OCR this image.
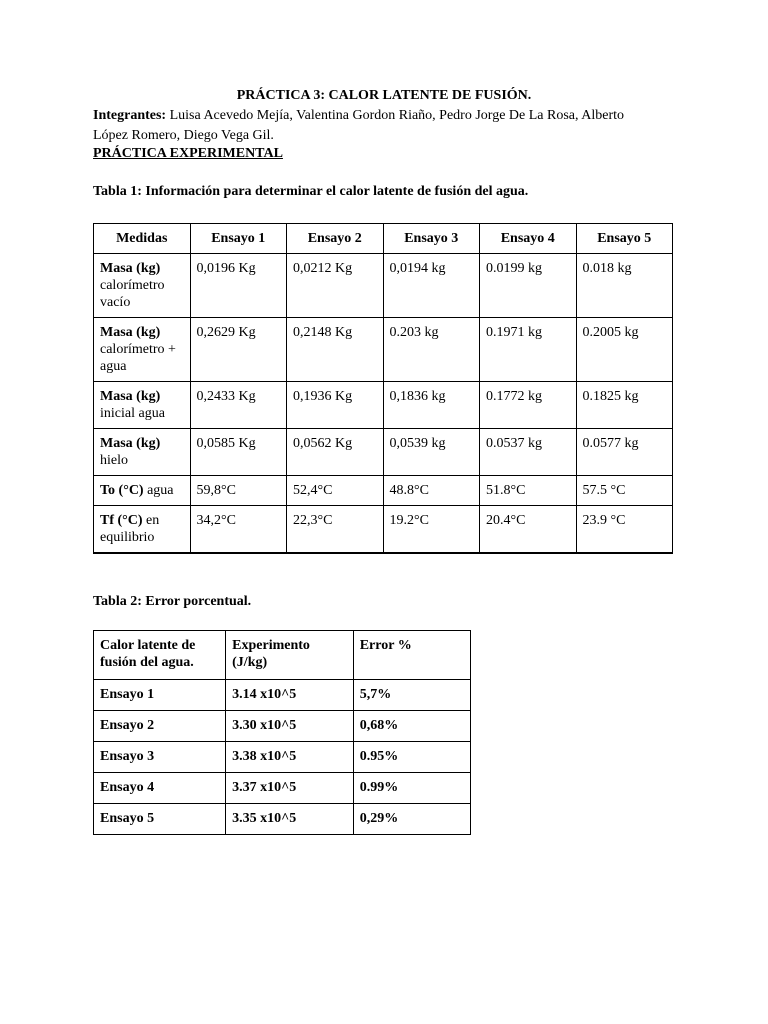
PRÁCTICA 3: CALOR LATENTE DE FUSIÓN.
Integrantes: Luisa Acevedo Mejía, Valentina Gordon Riaño, Pedro Jorge De La Rosa, Alberto López Romero, Diego Vega Gil.
PRÁCTICA EXPERIMENTAL
Tabla 1: Información para determinar el calor latente de fusión del agua.
Medidas	Ensayo 1	Ensayo 2	Ensayo 3	Ensayo 4	Ensayo 5
Masa (kg) calorímetro vacío	0,0196 Kg	0,0212 Kg	0,0194 kg	0.0199 kg	0.018 kg
Masa (kg) calorímetro + agua	0,2629 Kg	0,2148 Kg	0.203 kg	0.1971 kg	0.2005 kg
Masa (kg) inicial agua	0,2433 Kg	0,1936 Kg	0,1836 kg	0.1772 kg	0.1825 kg
Masa (kg) hielo	0,0585 Kg	0,0562 Kg	0,0539 kg	0.0537 kg	0.0577 kg
To (°C) agua	59,8°C	52,4°C	48.8°C	51.8°C	57.5 °C
Tf (°C) en equilibrio	34,2°C	22,3°C	19.2°C	20.4°C	23.9 °C
Tabla 2: Error porcentual.
Calor latente de fusión del agua.	Experimento (J/kg)	Error %
Ensayo 1	3.14 x10^5	5,7%
Ensayo 2	3.30 x10^5	0,68%
Ensayo 3	3.38 x10^5	0.95%
Ensayo 4	3.37 x10^5	0.99%
Ensayo 5	3.35 x10^5	0,29%
